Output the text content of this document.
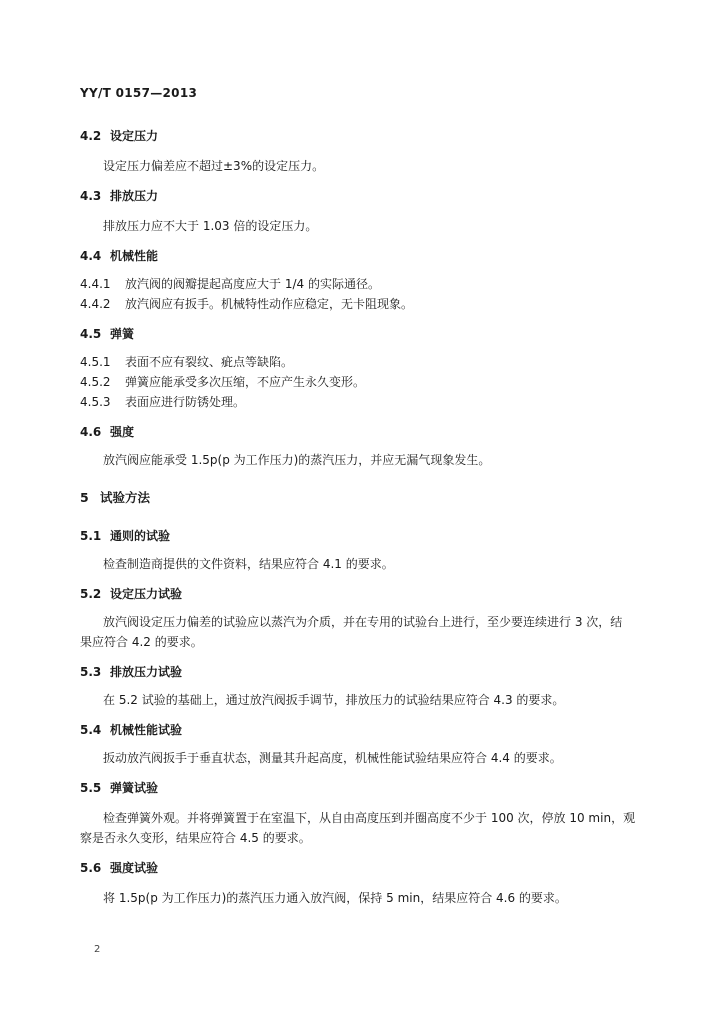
YY/T 0157—2013
4.2 设定压力
设定压力偏差应不超过±3%的设定压力。
4.3 排放压力
排放压力应不大于 1.03 倍的设定压力。
4.4 机械性能
4.4.1 放汽阀的阀瓣提起高度应大于 1/4 的实际通径。
4.4.2 放汽阀应有扳手。机械特性动作应稳定，无卡阻现象。
4.5 弹簧
4.5.1 表面不应有裂纹、疵点等缺陷。
4.5.2 弹簧应能承受多次压缩，不应产生永久变形。
4.5.3 表面应进行防锈处理。
4.6 强度
放汽阀应能承受 1.5p(p 为工作压力)的蒸汽压力，并应无漏气现象发生。
5 试验方法
5.1 通则的试验
检查制造商提供的文件资料，结果应符合 4.1 的要求。
5.2 设定压力试验
放汽阀设定压力偏差的试验应以蒸汽为介质，并在专用的试验台上进行，至少要连续进行 3 次，结
果应符合 4.2 的要求。
5.3 排放压力试验
在 5.2 试验的基础上，通过放汽阀扳手调节，排放压力的试验结果应符合 4.3 的要求。
5.4 机械性能试验
扳动放汽阀扳手于垂直状态，测量其升起高度，机械性能试验结果应符合 4.4 的要求。
5.5 弹簧试验
检查弹簧外观。并将弹簧置于在室温下，从自由高度压到并圈高度不少于 100 次，停放 10 min，观
察是否永久变形，结果应符合 4.5 的要求。
5.6 强度试验
将 1.5p(p 为工作压力)的蒸汽压力通入放汽阀，保持 5 min，结果应符合 4.6 的要求。
2
